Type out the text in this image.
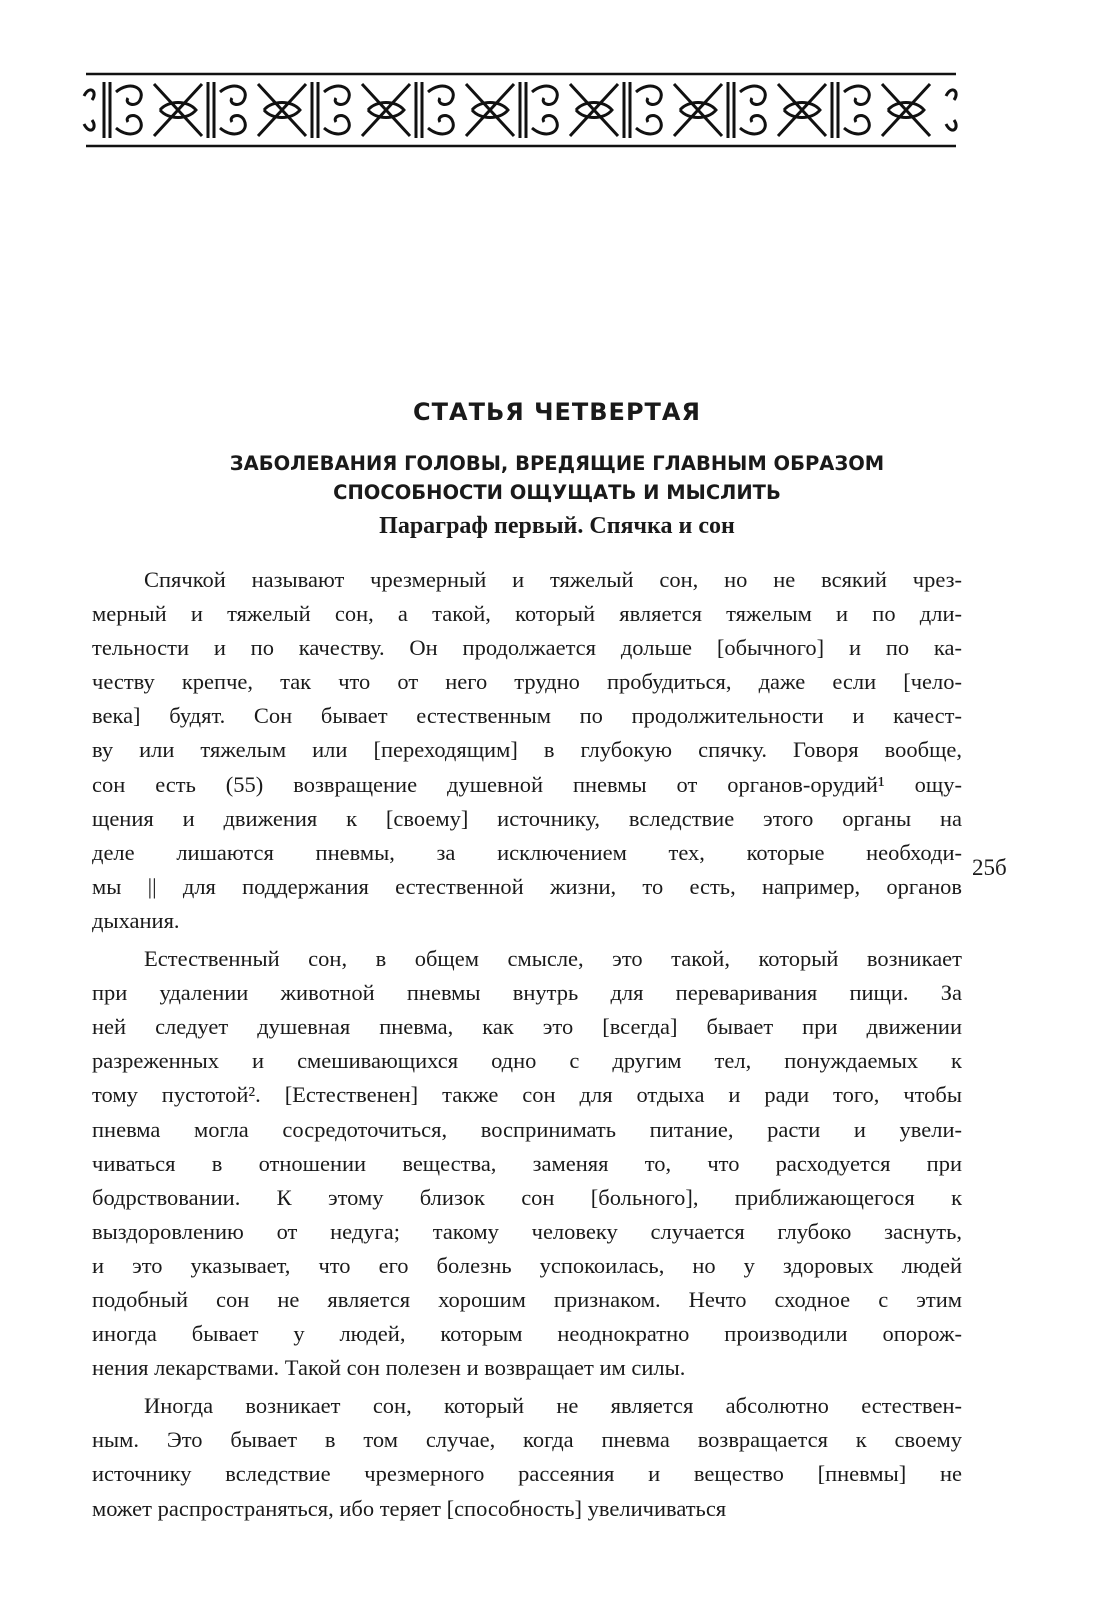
СТАТЬЯ ЧЕТВЕРТАЯ
ЗАБОЛЕВАНИЯ ГОЛОВЫ, ВРЕДЯЩИЕ ГЛАВНЫМ ОБРАЗОМ
СПОСОБНОСТИ ОЩУЩАТЬ И МЫСЛИТЬ
Параграф первый. Спячка и сон
Спячкой называют чрезмерный и тяжелый сон, но не всякий чрез-
мерный и тяжелый сон, а такой, который является тяжелым и по дли-
тельности и по качеству. Он продолжается дольше [обычного] и по ка-
честву крепче, так что от него трудно пробудиться, даже если [чело-
века] будят. Сон бывает естественным по продолжительности и качест-
ву или тяжелым или [переходящим] в глубокую спячку. Говоря вообще,
сон есть (55) возвращение душевной пневмы от органов-орудий¹ ощу-
щения и движения к [своему] источнику, вследствие этого органы на
деле лишаются пневмы, за исключением тех, которые необходи-
мы || для поддержания естественной жизни, то есть, например, органов
дыхания.
Естественный сон, в общем смысле, это такой, который возникает
при удалении животной пневмы внутрь для переваривания пищи. За
ней следует душевная пневма, как это [всегда] бывает при движении
разреженных и смешивающихся одно с другим тел, понуждаемых к
тому пустотой². [Естественен] также сон для отдыха и ради того, чтобы
пневма могла сосредоточиться, воспринимать питание, расти и увели-
чиваться в отношении вещества, заменяя то, что расходуется при
бодрствовании. К этому близок сон [больного], приближающегося к
выздоровлению от недуга; такому человеку случается глубоко заснуть,
и это указывает, что его болезнь успокоилась, но у здоровых людей
подобный сон не является хорошим признаком. Нечто сходное с этим
иногда бывает у людей, которым неоднократно производили опорож-
нения лекарствами. Такой сон полезен и возвращает им силы.
Иногда возникает сон, который не является абсолютно естествен-
ным. Это бывает в том случае, когда пневма возвращается к своему
источнику вследствие чрезмерного рассеяния и вещество [пневмы] не
может распространяться, ибо теряет [способность] увеличиваться
25б
